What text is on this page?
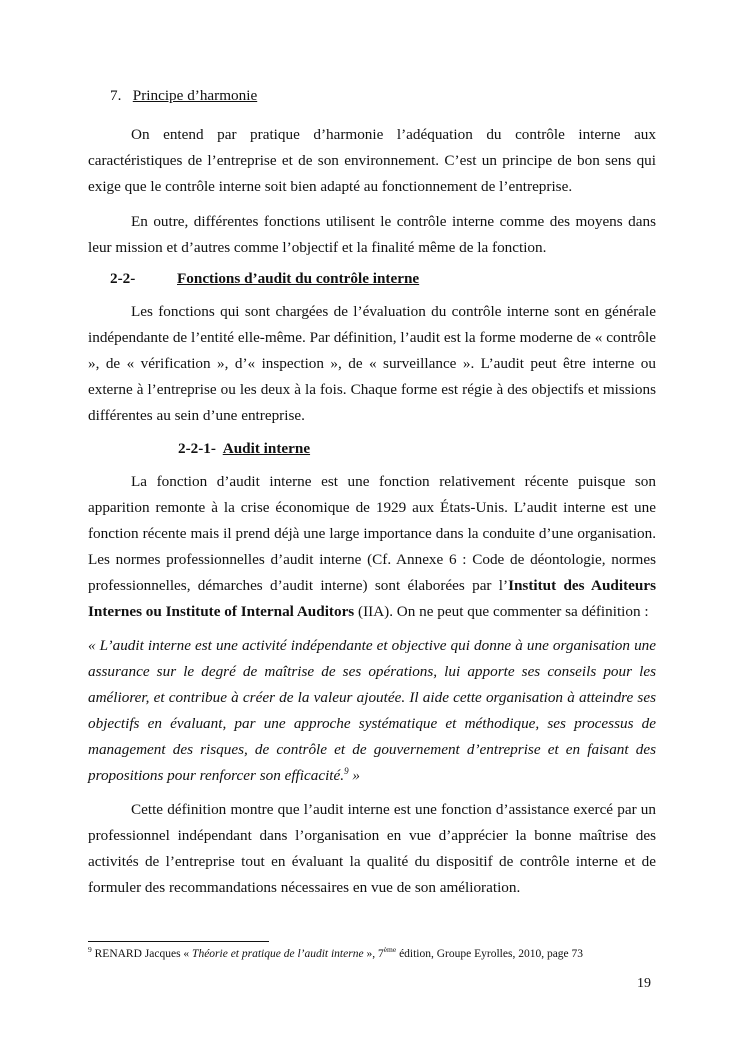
7. Principe d’harmonie

On entend par pratique d’harmonie l’adéquation du contrôle interne aux caractéristiques de l’entreprise et de son environnement. C’est un principe de bon sens qui exige que le contrôle interne soit bien adapté au fonctionnement de l’entreprise.

En outre, différentes fonctions utilisent le contrôle interne comme des moyens dans leur mission et d’autres comme l’objectif et la finalité même de la fonction.

2-2-	Fonctions d’audit du contrôle interne

Les fonctions qui sont chargées de l’évaluation du contrôle interne sont en générale indépendante de l’entité elle-même. Par définition, l’audit est la forme moderne de « contrôle », de « vérification », d’« inspection », de « surveillance ». L’audit peut être interne ou externe à l’entreprise ou les deux à la fois. Chaque forme est régie à des objectifs et missions différentes au sein d’une entreprise.

2-2-1- Audit interne

La fonction d’audit interne est une fonction relativement récente puisque son apparition remonte à la crise économique de 1929 aux États-Unis. L’audit interne est une fonction récente mais il prend déjà une large importance dans la conduite d’une organisation. Les normes professionnelles d’audit interne (Cf. Annexe 6 : Code de déontologie, normes professionnelles, démarches d’audit interne) sont élaborées par l’Institut des Auditeurs Internes ou Institute of Internal Auditors (IIA). On ne peut que commenter sa définition :

« L’audit interne est une activité indépendante et objective qui donne à une organisation une assurance sur le degré de maîtrise de ses opérations, lui apporte ses conseils pour les améliorer, et contribue à créer de la valeur ajoutée. Il aide cette organisation à atteindre ses objectifs en évaluant, par une approche systématique et méthodique, ses processus de management des risques, de contrôle et de gouvernement d’entreprise et en faisant des propositions pour renforcer son efficacité.$^9$ »

Cette définition montre que l’audit interne est une fonction d’assistance exercé par un professionnel indépendant dans l’organisation en vue d’apprécier la bonne maîtrise des activités de l’entreprise tout en évaluant la qualité du dispositif de contrôle interne et de formuler des recommandations nécessaires en vue de son amélioration.

$^9$ RENARD Jacques « Théorie et pratique de l’audit interne », 7ème édition, Groupe Eyrolles, 2010, page 73
19
